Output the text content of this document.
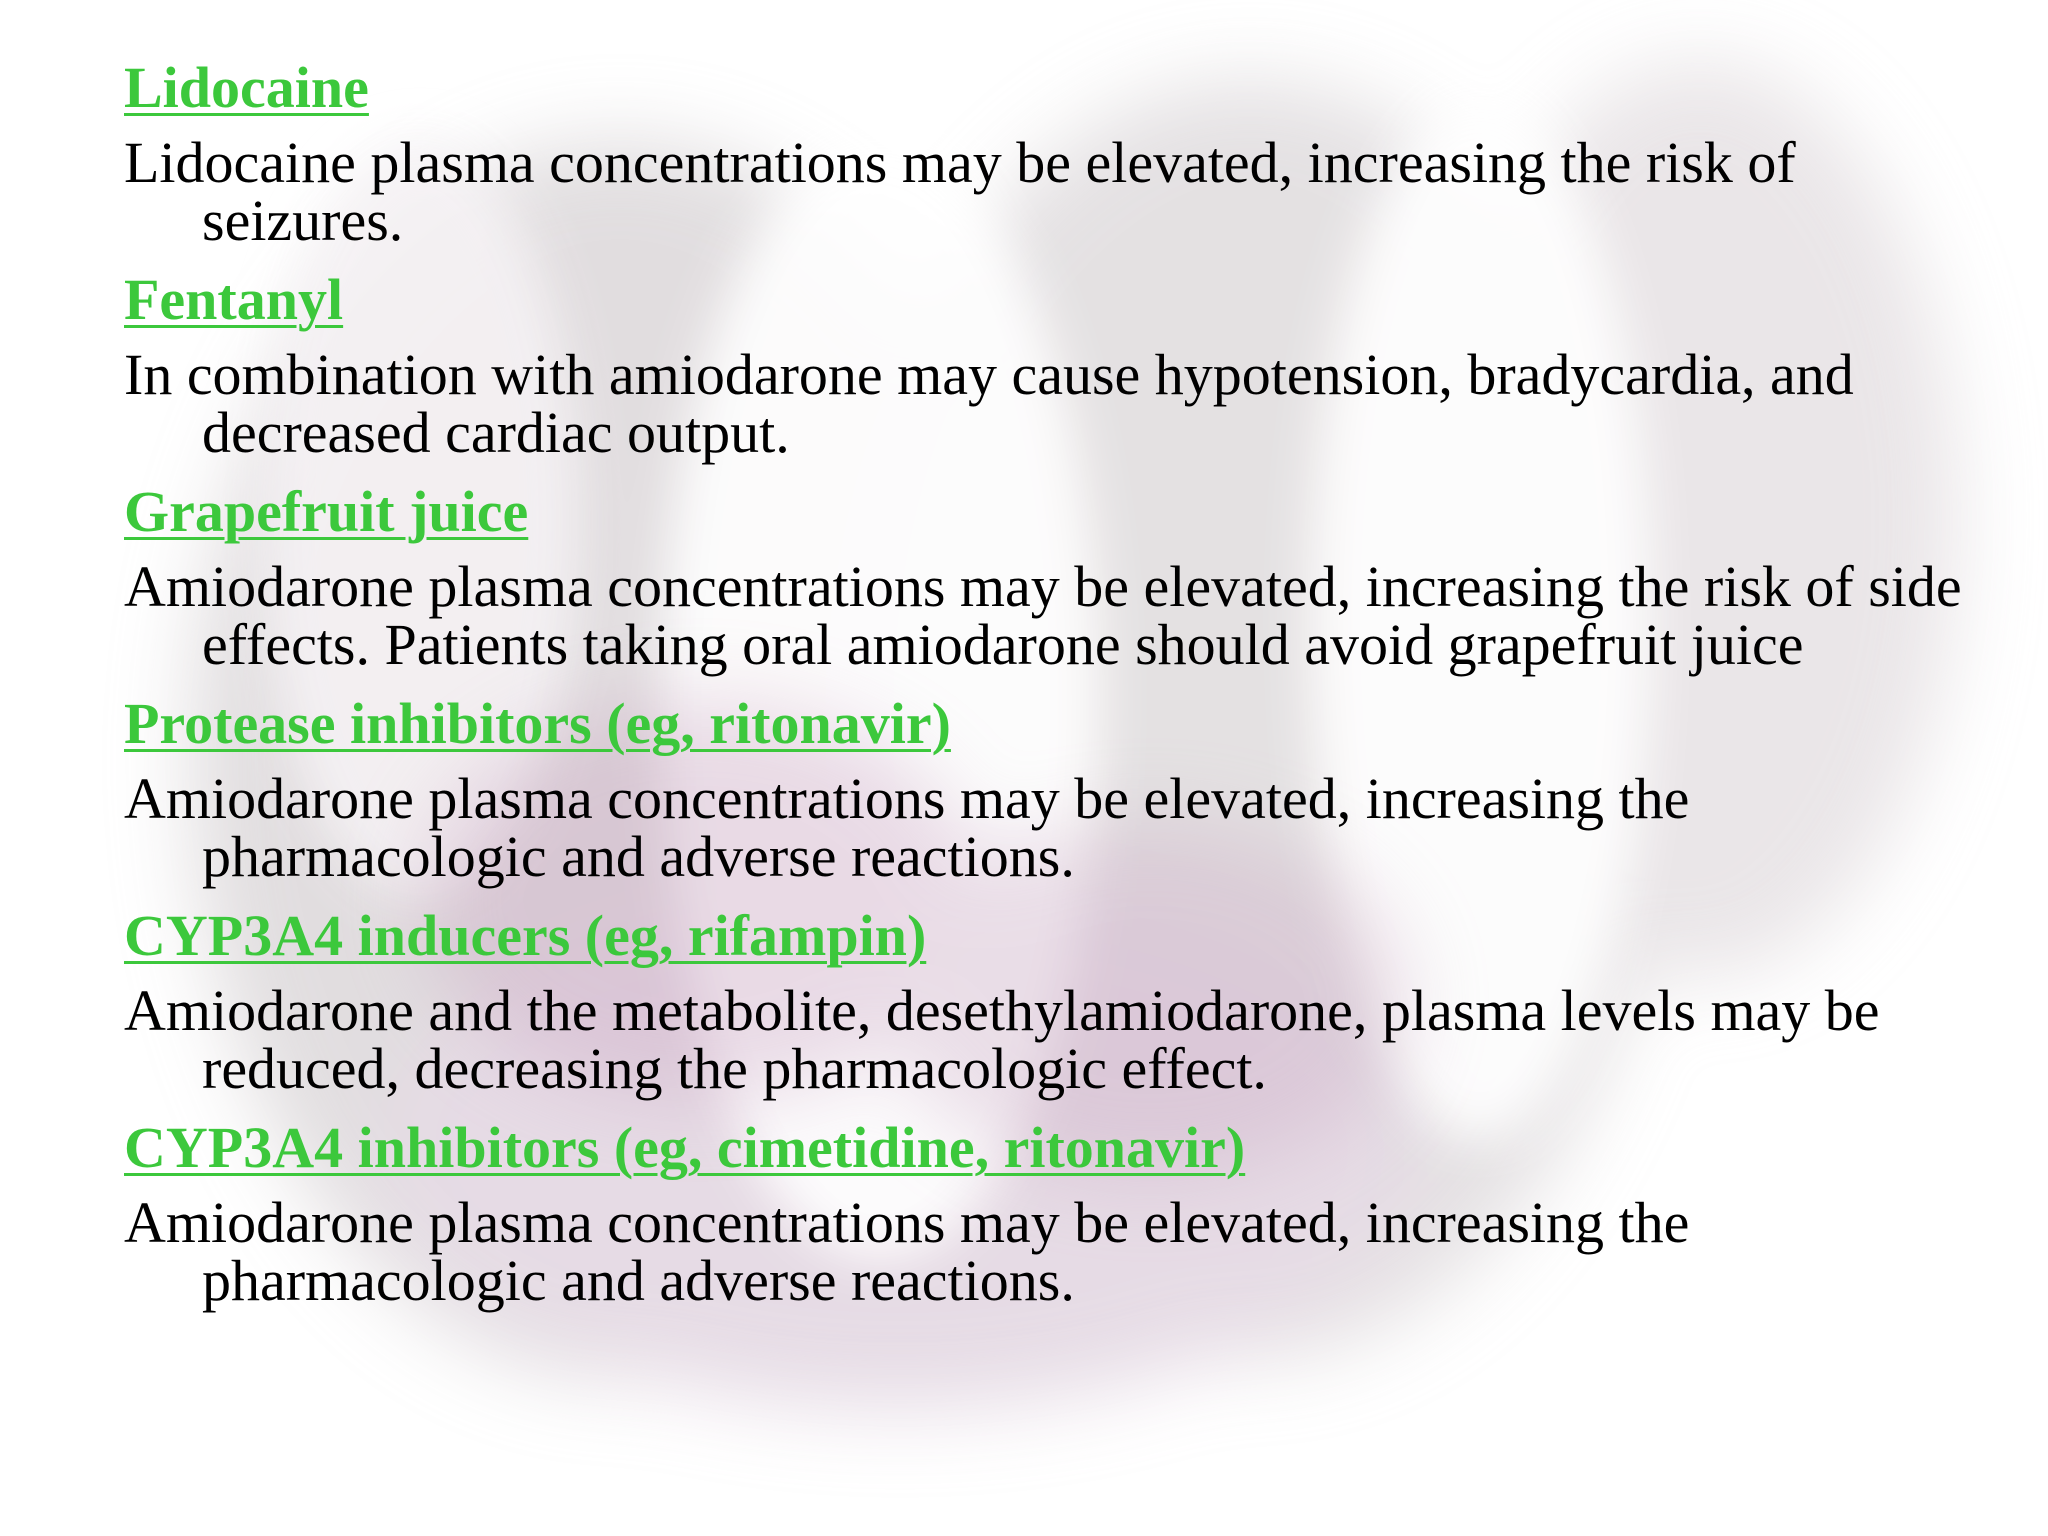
Lidocaine

Lidocaine plasma concentrations may be elevated, increasing the risk of seizures.

Fentanyl

In combination with amiodarone may cause hypotension, bradycardia, and decreased cardiac output.

Grapefruit juice

Amiodarone plasma concentrations may be elevated, increasing the risk of side effects. Patients taking oral amiodarone should avoid grapefruit juice

Protease inhibitors (eg, ritonavir)

Amiodarone plasma concentrations may be elevated, increasing the pharmacologic and adverse reactions.

CYP3A4 inducers (eg, rifampin)

Amiodarone and the metabolite, desethylamiodarone, plasma levels may be reduced, decreasing the pharmacologic effect.

CYP3A4 inhibitors (eg, cimetidine, ritonavir)

Amiodarone plasma concentrations may be elevated, increasing the pharmacologic and adverse reactions.
